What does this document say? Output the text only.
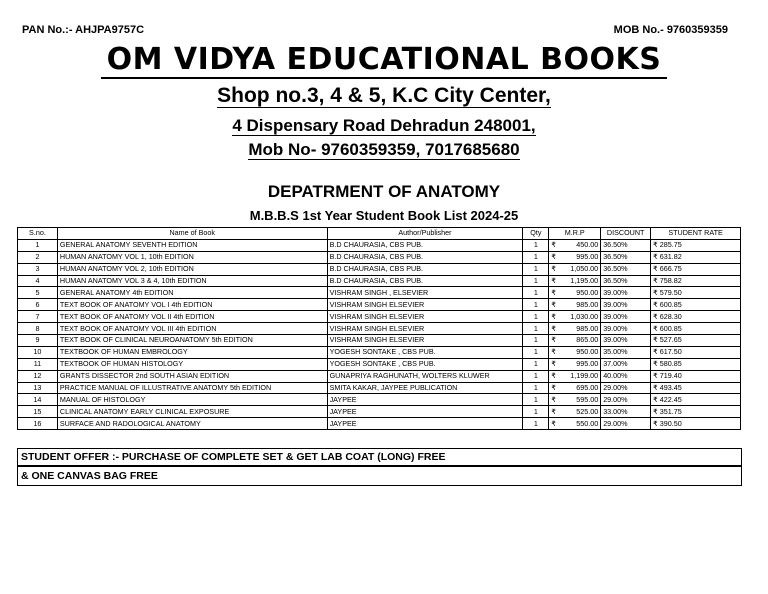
PAN No.:- AHJPA9757C	MOB No.- 9760359359
OM VIDYA EDUCATIONAL BOOKS
Shop no.3, 4 & 5, K.C City Center,
4 Dispensary Road Dehradun 248001,
Mob No- 9760359359, 7017685680
DEPATRMENT OF ANATOMY
M.B.B.S 1st Year Student Book List 2024-25
S.no.	Name of Book	Author/Publisher	Qty	M.R.P	DISCOUNT	STUDENT RATE
1	GENERAL ANATOMY SEVENTH EDITION	B.D CHAURASIA, CBS PUB.	1	₹ 450.00	36.50%	₹ 285.75
2	HUMAN ANATOMY VOL 1, 10th EDITION	B.D CHAURASIA, CBS PUB.	1	₹ 995.00	36.50%	₹ 631.82
3	HUMAN ANATOMY VOL 2, 10th EDITION	B.D CHAURASIA, CBS PUB.	1	₹ 1,050.00	36.50%	₹ 666.75
4	HUMAN ANATOMY VOL 3 & 4, 10th EDITION	B.D CHAURASIA, CBS PUB.	1	₹ 1,195.00	36.50%	₹ 758.82
5	GENERAL ANATOMY 4th EDITION	VISHRAM SINGH , ELSEVIER	1	₹ 950.00	39.00%	₹ 579.50
6	TEXT BOOK OF ANATOMY VOL I 4th EDITION	VISHRAM SINGH ELSEVIER	1	₹ 985.00	39.00%	₹ 600.85
7	TEXT BOOK OF ANATOMY VOL II 4th EDITION	VISHRAM SINGH ELSEVIER	1	₹ 1,030.00	39.00%	₹ 628.30
8	TEXT BOOK OF ANATOMY VOL III 4th EDITION	VISHRAM SINGH ELSEVIER	1	₹ 985.00	39.00%	₹ 600.85
9	TEXT BOOK OF CLINICAL NEUROANATOMY 5th EDITION	VISHRAM SINGH ELSEVIER	1	₹ 865.00	39.00%	₹ 527.65
10	TEXTBOOK OF HUMAN EMBROLOGY	YOGESH SONTAKE , CBS PUB.	1	₹ 950.00	35.00%	₹ 617.50
11	TEXTBOOK OF HUMAN HISTOLOGY	YOGESH SONTAKE , CBS PUB.	1	₹ 995.00	37.00%	₹ 580.85
12	GRANTS DISSECTOR 2nd SOUTH ASIAN EDITION	GUNAPRIYA RAGHUNATH, WOLTERS KLUWER	1	₹ 1,199.00	40.00%	₹ 719.40
13	PRACTICE MANUAL OF ILLUSTRATIVE ANATOMY 5th EDITION	SMITA KAKAR, JAYPEE PUBLICATION	1	₹ 695.00	29.00%	₹ 493.45
14	MANUAL OF HISTOLOGY	JAYPEE	1	₹ 595.00	29.00%	₹ 422.45
15	CLINICAL ANATOMY EARLY CLINICAL EXPOSURE	JAYPEE	1	₹ 525.00	33.00%	₹ 351.75
16	SURFACE AND RADOLOGICAL ANATOMY	JAYPEE	1	₹ 550.00	29.00%	₹ 390.50
STUDENT OFFER :- PURCHASE OF COMPLETE SET & GET LAB COAT (LONG) FREE
& ONE CANVAS BAG FREE
